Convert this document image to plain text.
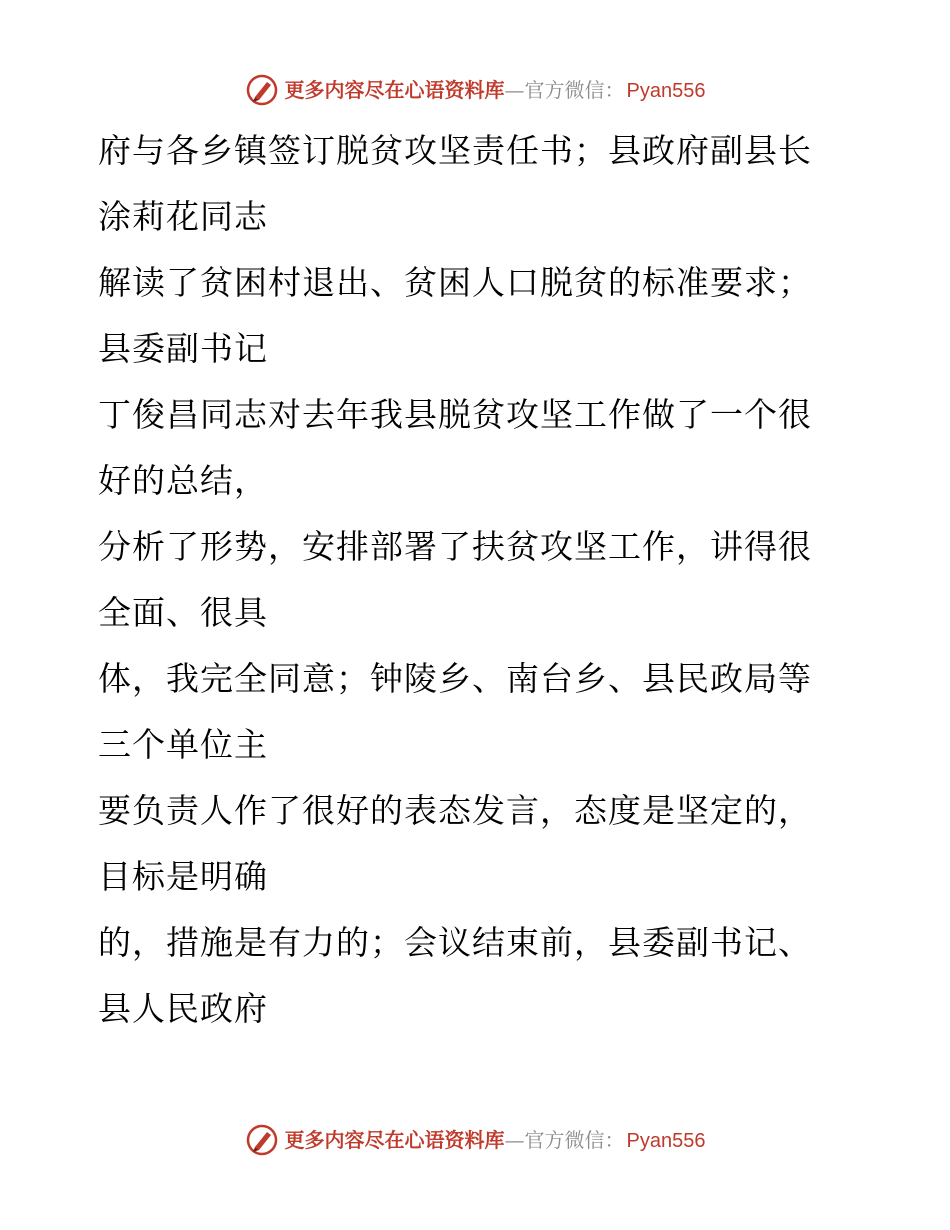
更多内容尽在心语资料库 — 官方微信： Pyan556

府与各乡镇签订脱贫攻坚责任书；县政府副县长
涂莉花同志

解读了贫困村退出、贫困人口脱贫的标准要求；
县委副书记

丁俊昌同志对去年我县脱贫攻坚工作做了一个很
好的总结，

分析了形势，安排部署了扶贫攻坚工作，讲得很
全面、很具

体，我完全同意；钟陵乡、南台乡、县民政局等
三个单位主

要负责人作了很好的表态发言，态度是坚定的，
目标是明确

的，措施是有力的；会议结束前，县委副书记、
县人民政府

更多内容尽在心语资料库 — 官方微信： Pyan556
